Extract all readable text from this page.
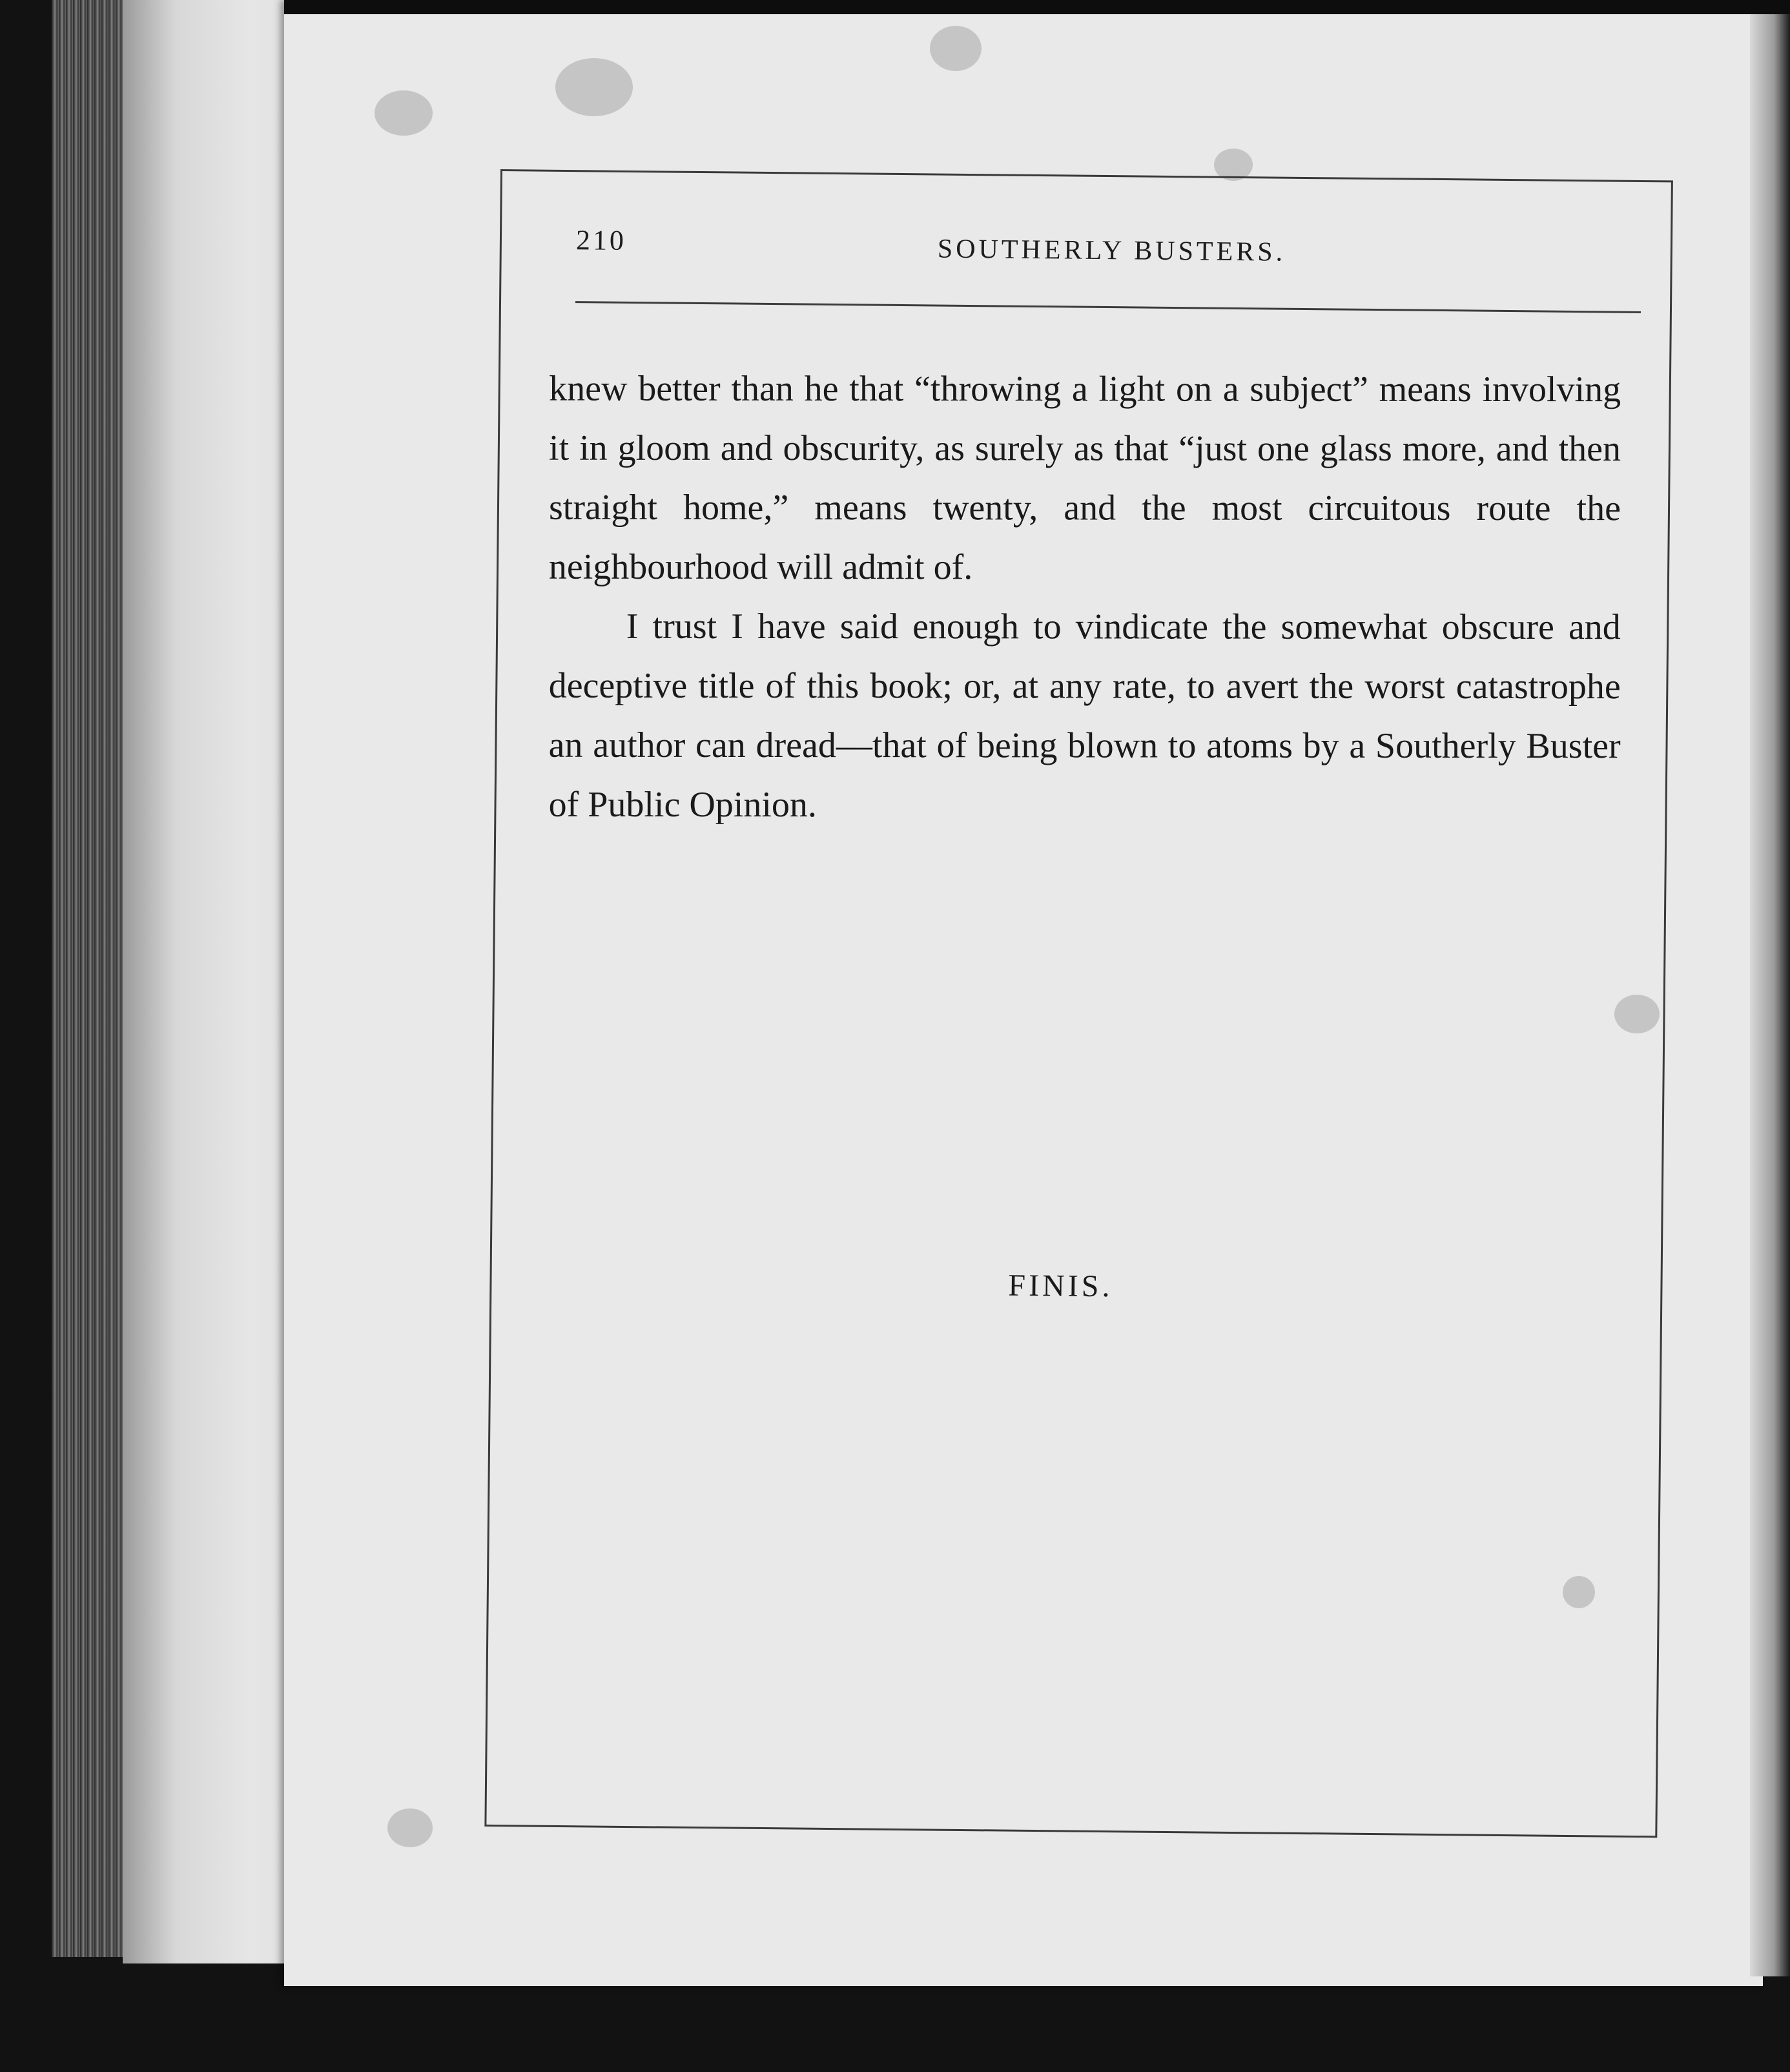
210	SOUTHERLY BUSTERS.

knew better than he that “throwing a light on a subject” means involving it in gloom and obscurity, as surely as that “just one glass more, and then straight home,” means twenty, and the most circuitous route the neighbourhood will admit of.

I trust I have said enough to vindicate the somewhat obscure and deceptive title of this book; or, at any rate, to avert the worst catastrophe an author can dread—that of being blown to atoms by a Southerly Buster of Public Opinion.

FINIS.
